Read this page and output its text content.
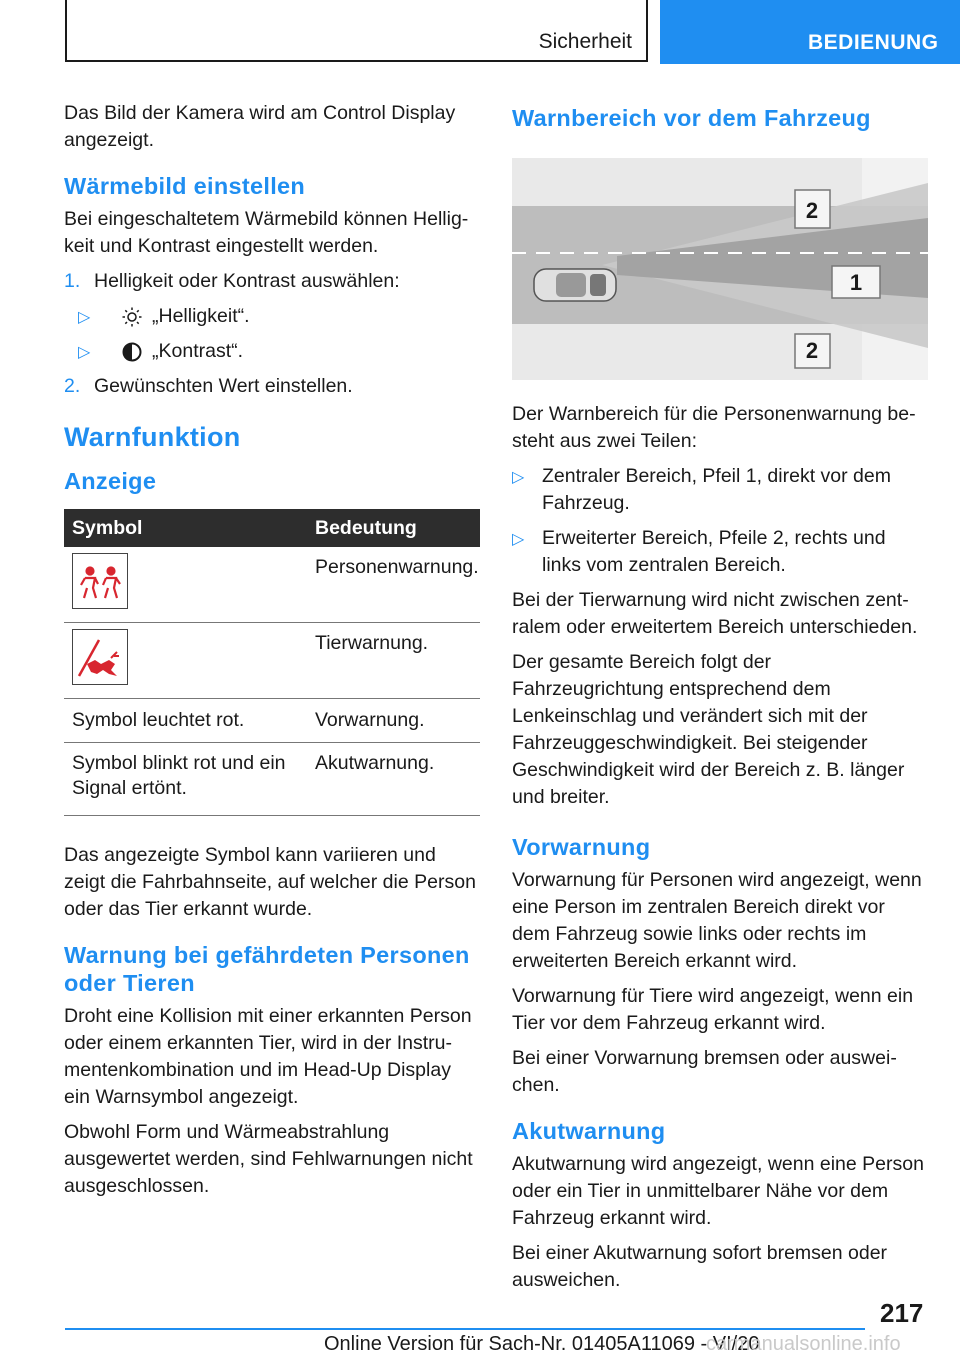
Sicherheit	BEDIENUNG

Das Bild der Kamera wird am Control Display angezeigt.

Wärmebild einstellen

Bei eingeschaltetem Wärmebild können Helligkeit und Kontrast eingestellt werden.

1. Helligkeit oder Kontrast auswählen:
▷	„Helligkeit“.
▷	„Kontrast“.
2. Gewünschten Wert einstellen.
Warnfunktion
Anzeige
Symbol	Bedeutung

	Personenwarnung.

	Tierwarnung.
Symbol leuchtet rot.	Vorwarnung.
Symbol blinkt rot und ein Signal ertönt.	Akutwarnung.

Das angezeigte Symbol kann variieren und zeigt die Fahrbahnseite, auf welcher die Person oder das Tier erkannt wurde.

Warnung bei gefährdeten Personen oder Tieren

Droht eine Kollision mit einer erkannten Person oder einem erkannten Tier, wird in der Instrumentenkombination und im Head-Up Display ein Warnsymbol angezeigt.

Obwohl Form und Wärmeabstrahlung ausgewertet werden, sind Fehlwarnungen nicht ausgeschlossen.

Warnbereich vor dem Fahrzeug
2
1
2

Der Warnbereich für die Personenwarnung besteht aus zwei Teilen:

▷ Zentraler Bereich, Pfeil 1, direkt vor dem Fahrzeug.
▷ Erweiterter Bereich, Pfeile 2, rechts und links vom zentralen Bereich.

Bei der Tierwarnung wird nicht zwischen zentralem oder erweitertem Bereich unterschieden.

Der gesamte Bereich folgt der Fahrzeugrichtung entsprechend dem Lenkeinschlag und verändert sich mit der Fahrzeuggeschwindigkeit. Bei steigender Geschwindigkeit wird der Bereich z. B. länger und breiter.

Vorwarnung

Vorwarnung für Personen wird angezeigt, wenn eine Person im zentralen Bereich direkt vor dem Fahrzeug sowie links oder rechts im erweiterten Bereich erkannt wird.

Vorwarnung für Tiere wird angezeigt, wenn ein Tier vor dem Fahrzeug erkannt wird.

Bei einer Vorwarnung bremsen oder ausweichen.

Akutwarnung

Akutwarnung wird angezeigt, wenn eine Person oder ein Tier in unmittelbarer Nähe vor dem Fahrzeug erkannt wird.

Bei einer Akutwarnung sofort bremsen oder ausweichen.

217
Online Version für Sach-Nr. 01405A11069 - VI/20
carmanualsonline.info
